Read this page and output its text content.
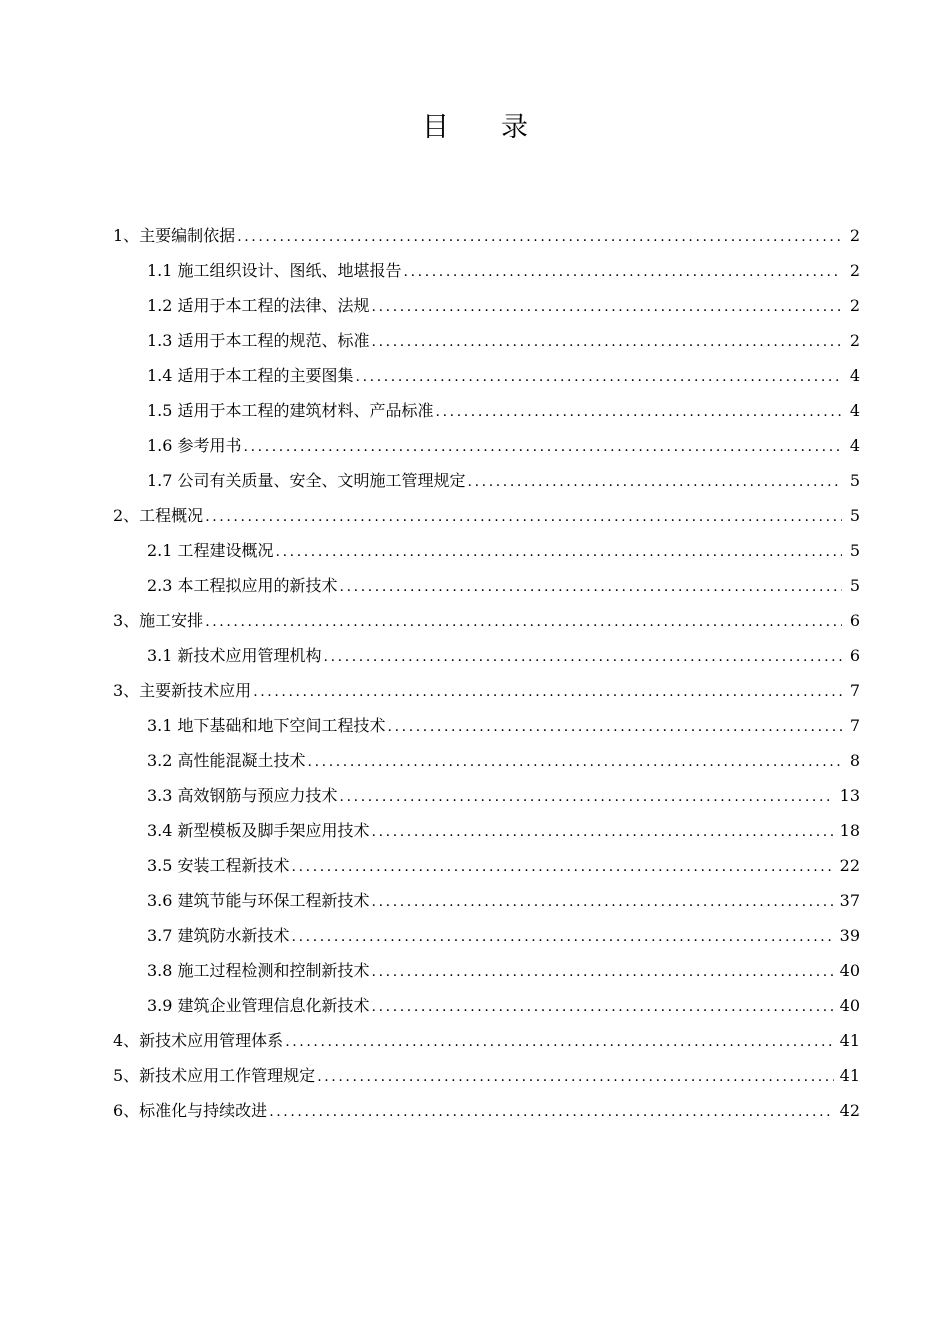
目 录
1、主要编制依据 .....	2
1.1 施工组织设计、图纸、地堪报告 .....	2
1.2 适用于本工程的法律、法规 .....	2
1.3 适用于本工程的规范、标准 .....	2
1.4 适用于本工程的主要图集 .....	4
1.5 适用于本工程的建筑材料、产品标准 .....	4
1.6 参考用书 .....	4
1.7 公司有关质量、安全、文明施工管理规定 .....	5
2、工程概况 .....	5
2.1 工程建设概况 .....	5
2.3 本工程拟应用的新技术 .....	5
3、施工安排 .....	6
3.1 新技术应用管理机构 .....	6
3、主要新技术应用 .....	7
3.1 地下基础和地下空间工程技术 .....	7
3.2 高性能混凝土技术 .....	8
3.3 高效钢筋与预应力技术 .....	13
3.4 新型模板及脚手架应用技术 .....	18
3.5 安装工程新技术 .....	22
3.6 建筑节能与环保工程新技术 .....	37
3.7 建筑防水新技术 .....	39
3.8 施工过程检测和控制新技术 .....	40
3.9 建筑企业管理信息化新技术 .....	40
4、新技术应用管理体系 .....	41
5、新技术应用工作管理规定 .....	41
6、标准化与持续改进 .....	42
